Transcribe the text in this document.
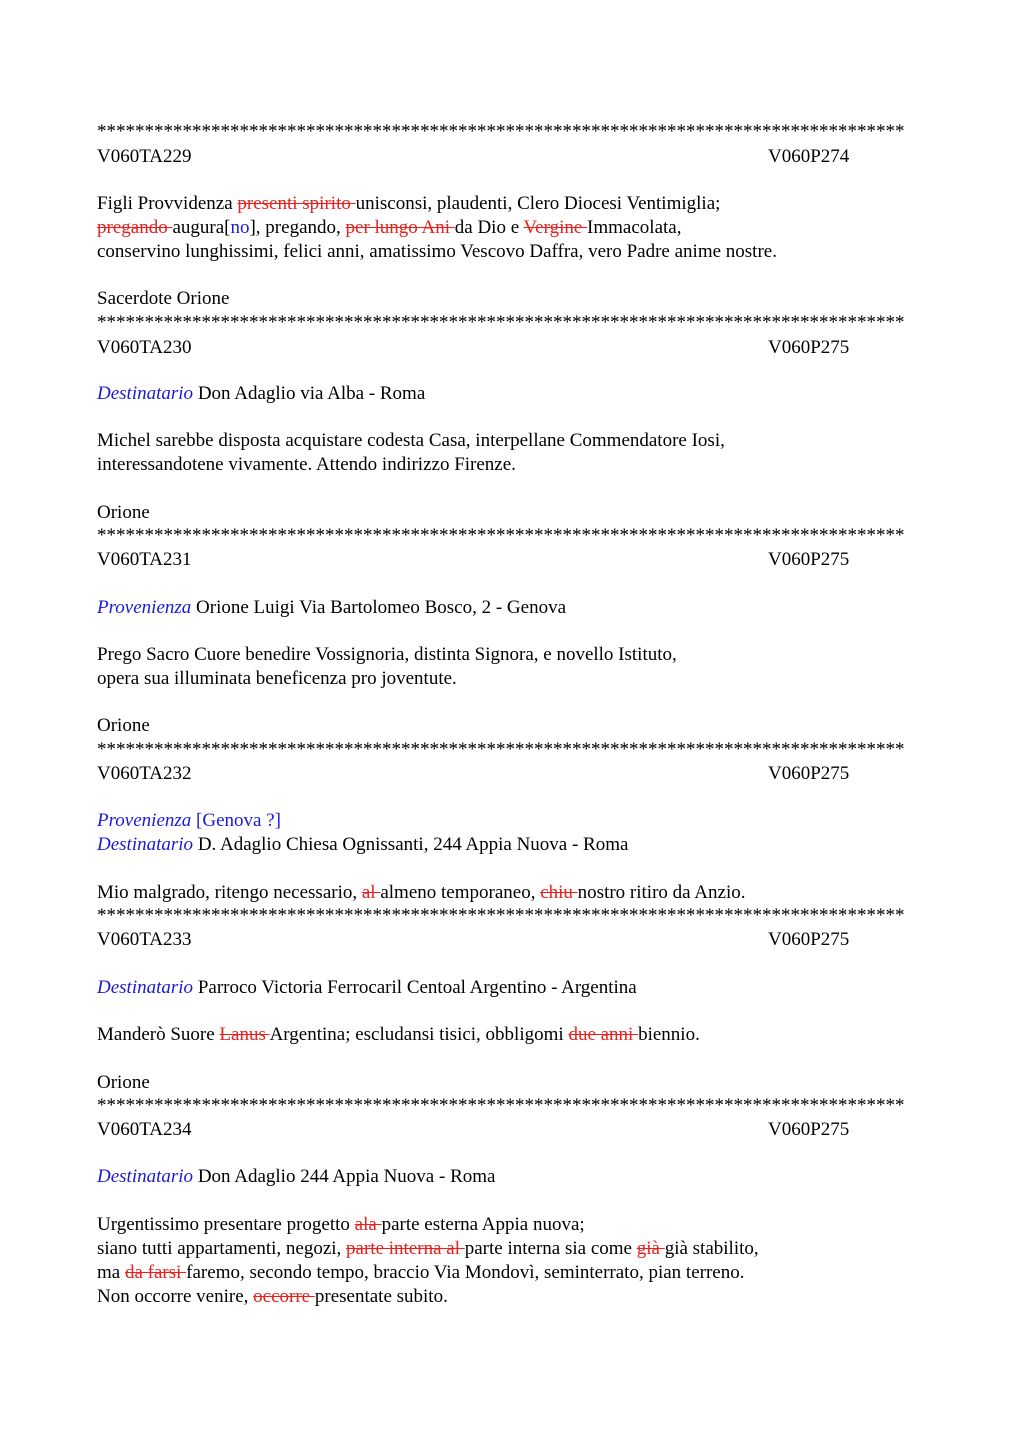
*************************************************************************************
V060TA229	V060P274
Figli Provvidenza presenti spirito unisconsi, plaudenti, Clero Diocesi Ventimiglia;
pregando augura[no], pregando, per lungo Ani da Dio e Vergine Immacolata,
conservino lunghissimi, felici anni, amatissimo Vescovo Daffra, vero Padre anime nostre.
Sacerdote Orione
*************************************************************************************
V060TA230	V060P275
Destinatario Don Adaglio via Alba - Roma
Michel sarebbe disposta acquistare codesta Casa, interpellane Commendatore Iosi,
interessandotene vivamente. Attendo indirizzo Firenze.
Orione
*************************************************************************************
V060TA231	V060P275
Provenienza Orione Luigi Via Bartolomeo Bosco, 2 - Genova
Prego Sacro Cuore benedire Vossignoria, distinta Signora, e novello Istituto,
opera sua illuminata beneficenza pro joventute.
Orione
*************************************************************************************
V060TA232	V060P275
Provenienza [Genova ?]
Destinatario D. Adaglio Chiesa Ognissanti, 244 Appia Nuova - Roma
Mio malgrado, ritengo necessario, al almeno temporaneo, chiu nostro ritiro da Anzio.
*************************************************************************************
V060TA233	V060P275
Destinatario Parroco Victoria Ferrocaril Centoal Argentino - Argentina
Manderò Suore Lanus Argentina; escludansi tisici, obbligomi due anni biennio.
Orione
*************************************************************************************
V060TA234	V060P275
Destinatario Don Adaglio 244 Appia Nuova - Roma
Urgentissimo presentare progetto ala parte esterna Appia nuova;
siano tutti appartamenti, negozi, parte interna al parte interna sia come già già stabilito,
ma da farsi faremo, secondo tempo, braccio Via Mondovì, seminterrato, pian terreno.
Non occorre venire, occorre presentate subito.
